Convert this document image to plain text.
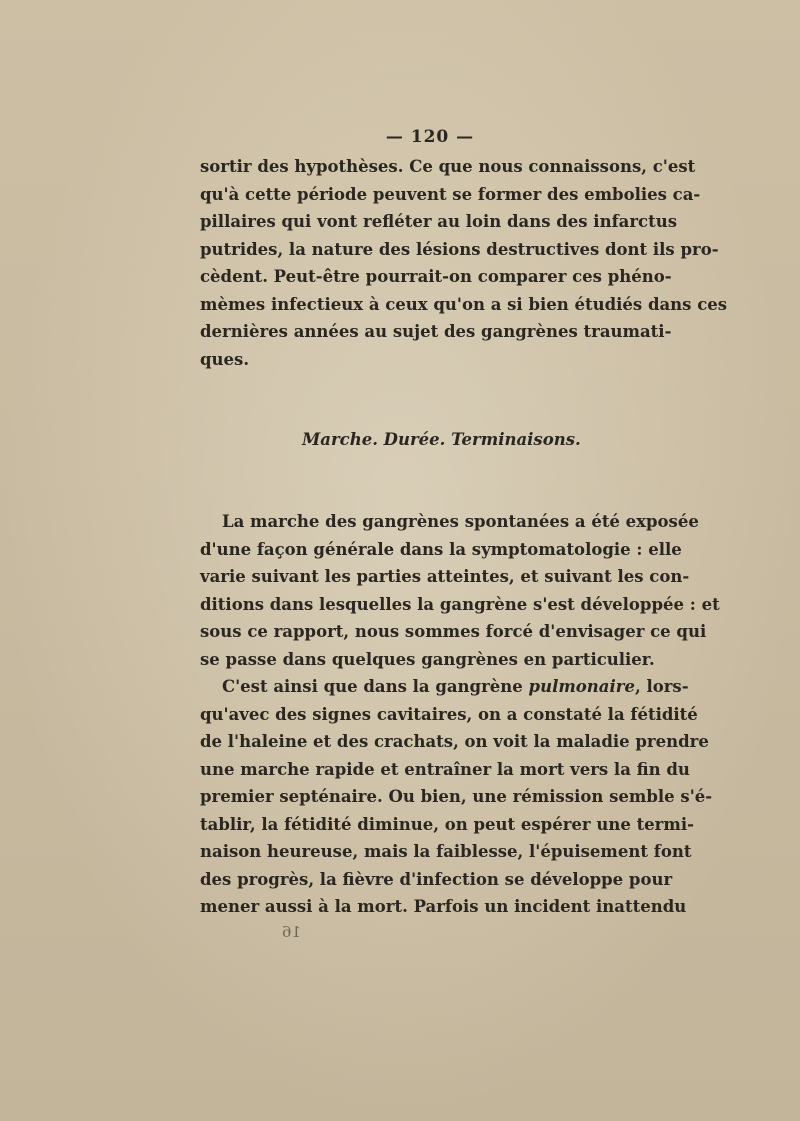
— 120 —
sortir des hypothèses. Ce que nous connaissons, c'est
qu'à cette période peuvent se former des embolies ca-
pillaires qui vont refléter au loin dans des infarctus
putrides, la nature des lésions destructives dont ils pro-
cèdent. Peut-être pourrait-on comparer ces phéno-
mèmes infectieux à ceux qu'on a si bien étudiés dans ces
dernières années au sujet des gangrènes traumati-
ques.
Marche. Durée. Terminaisons.
La marche des gangrènes spontanées a été exposée
d'une façon générale dans la symptomatologie : elle
varie suivant les parties atteintes, et suivant les con-
ditions dans lesquelles la gangrène s'est développée : et
sous ce rapport, nous sommes forcé d'envisager ce qui
se passe dans quelques gangrènes en particulier.
C'est ainsi que dans la gangrène pulmonaire, lors-
qu'avec des signes cavitaires, on a constaté la fétidité
de l'haleine et des crachats, on voit la maladie prendre
une marche rapide et entraîner la mort vers la fin du
premier septénaire. Ou bien, une rémission semble s'é-
tablir, la fétidité diminue, on peut espérer une termi-
naison heureuse, mais la faiblesse, l'épuisement font
des progrès, la fièvre d'infection se développe pour
mener aussi à la mort. Parfois un incident inattendu
16
